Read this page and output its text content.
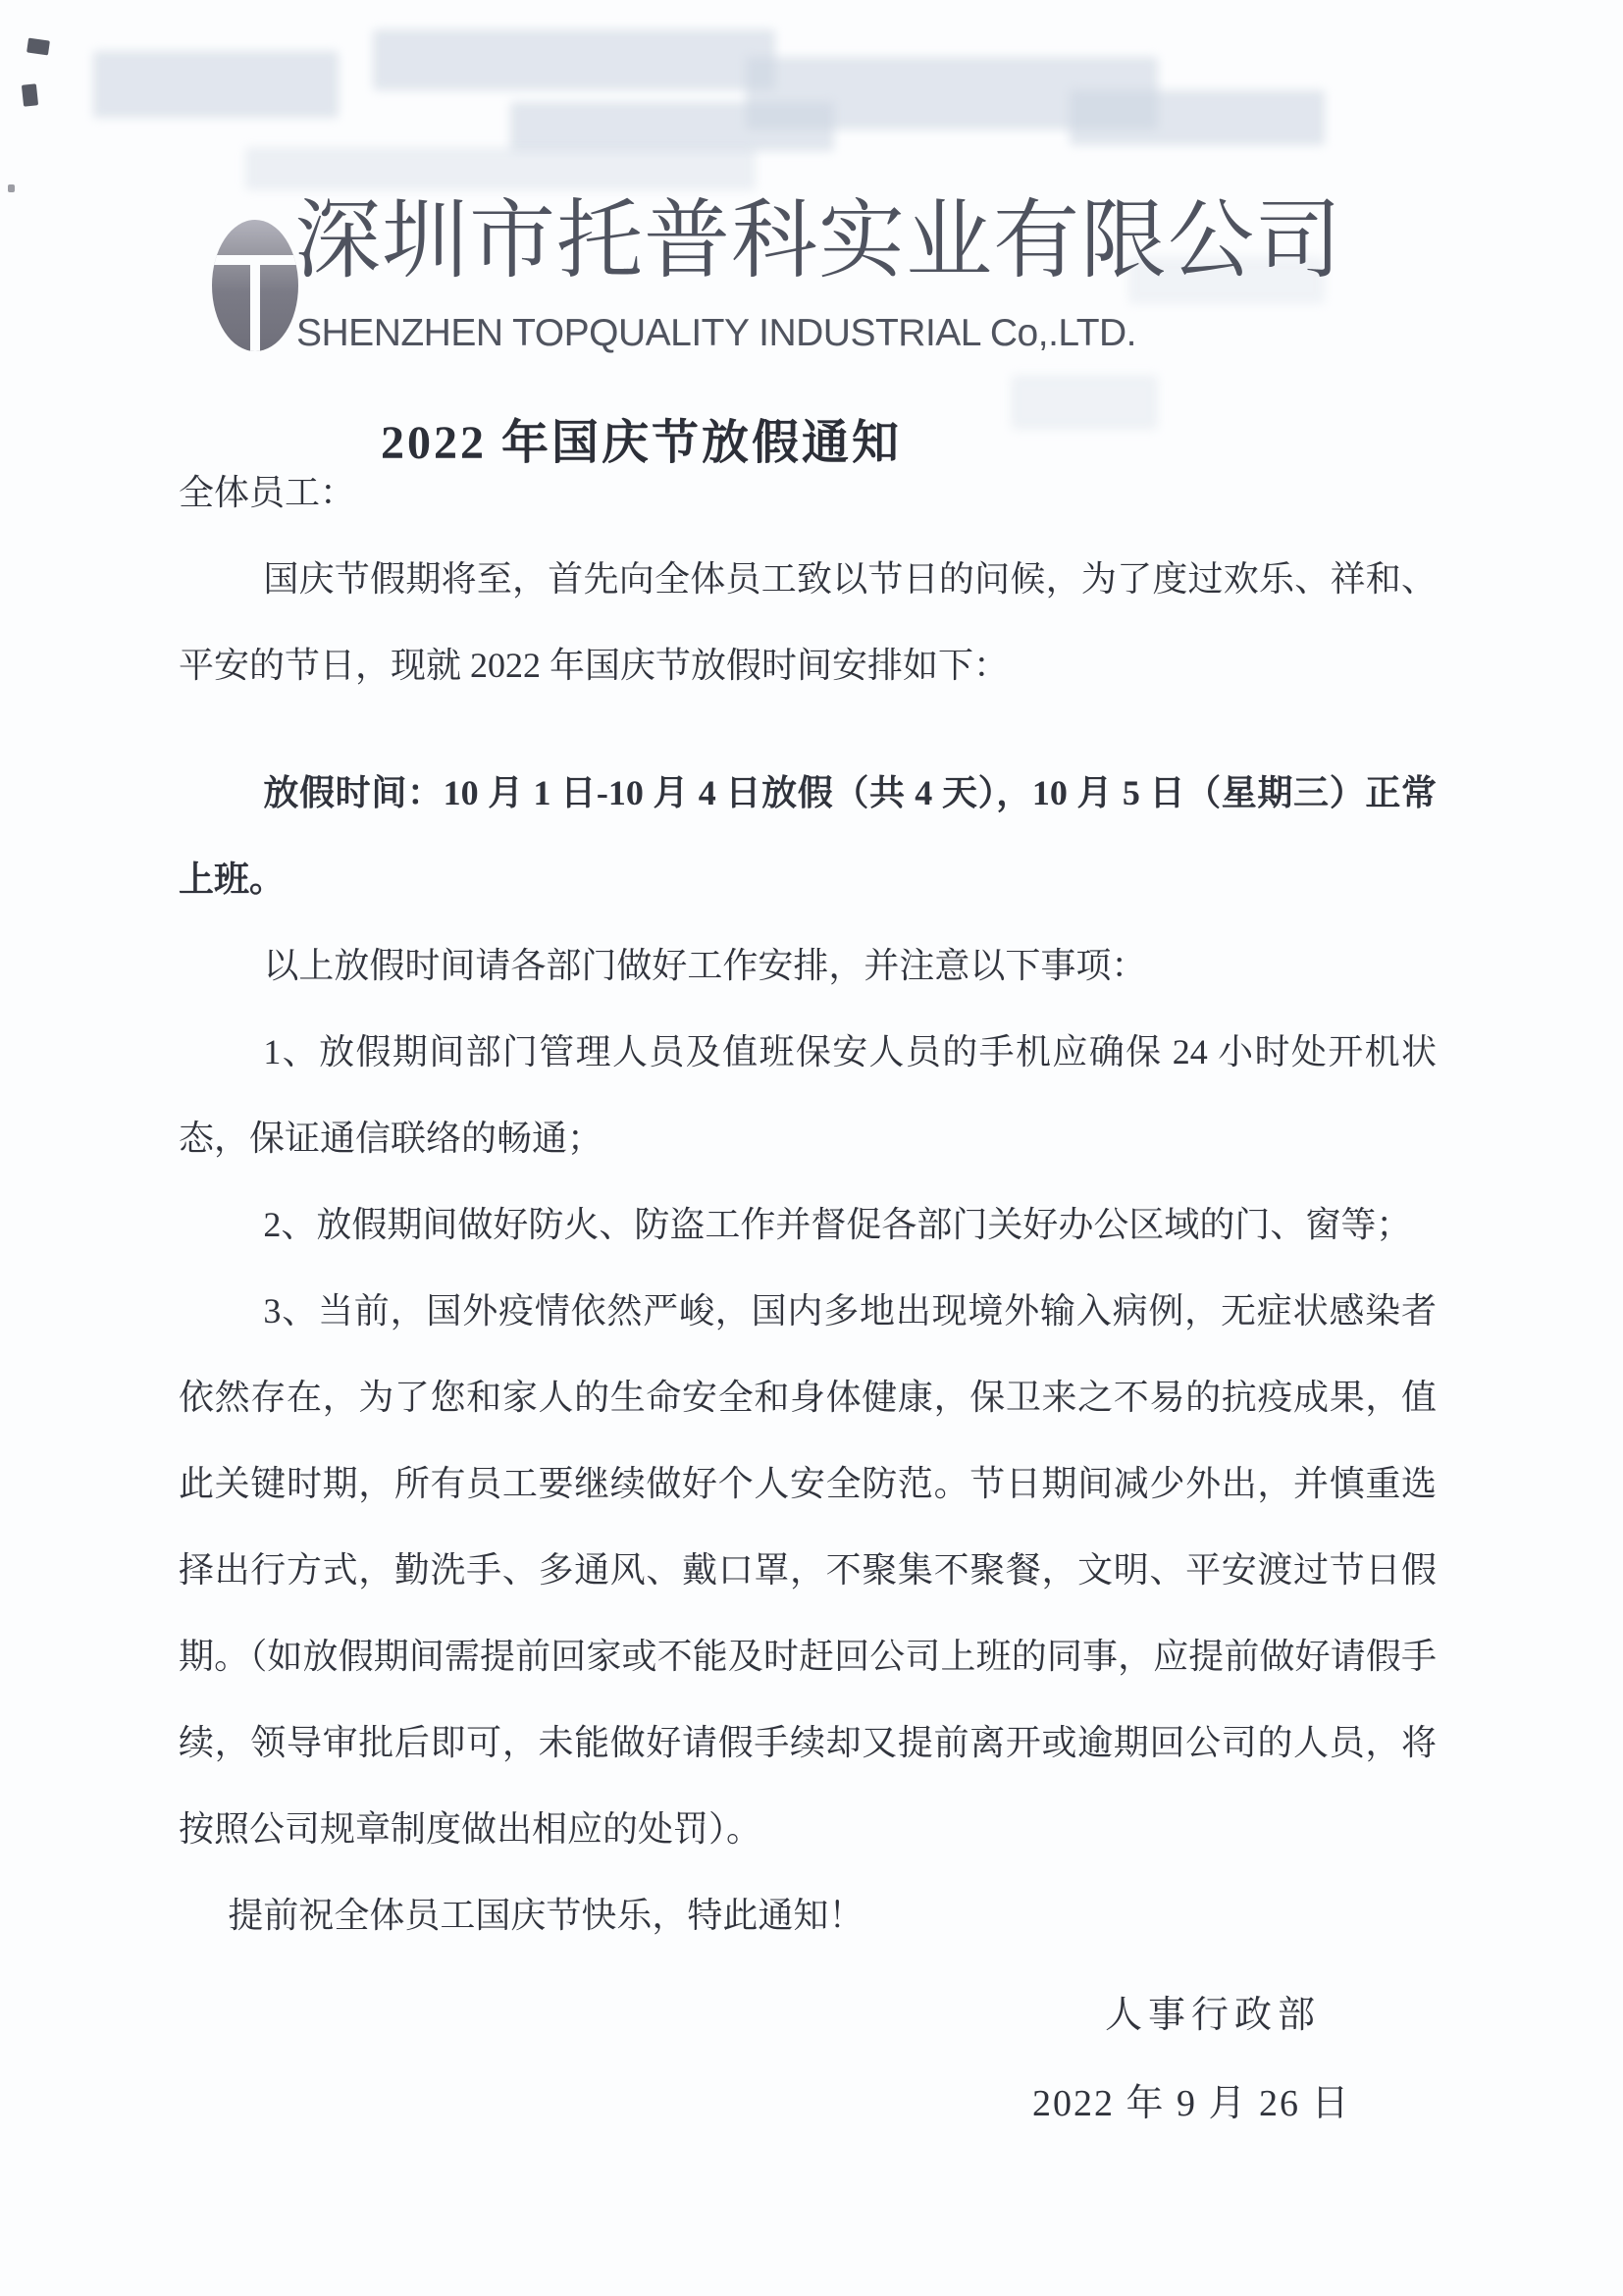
深圳市托普科实业有限公司
SHENZHEN TOPQUALITY INDUSTRIAL Co,.LTD.
2022 年国庆节放假通知

全体员工：

国庆节假期将至，首先向全体员工致以节日的问候，为了度过欢乐、祥和、平安的节日，现就 2022 年国庆节放假时间安排如下：

放假时间：10 月 1 日-10 月 4 日放假（共 4 天），10 月 5 日（星期三）正常上班。

以上放假时间请各部门做好工作安排，并注意以下事项：

1、放假期间部门管理人员及值班保安人员的手机应确保 24 小时处开机状态，保证通信联络的畅通；

2、放假期间做好防火、防盗工作并督促各部门关好办公区域的门、窗等；

3、当前，国外疫情依然严峻，国内多地出现境外输入病例，无症状感染者依然存在，为了您和家人的生命安全和身体健康，保卫来之不易的抗疫成果，值此关键时期，所有员工要继续做好个人安全防范。节日期间减少外出，并慎重选择出行方式，勤洗手、多通风、戴口罩，不聚集不聚餐，文明、平安渡过节日假期。（如放假期间需提前回家或不能及时赶回公司上班的同事，应提前做好请假手续，领导审批后即可，未能做好请假手续却又提前离开或逾期回公司的人员，将按照公司规章制度做出相应的处罚）。

提前祝全体员工国庆节快乐，特此通知！

人事行政部
2022 年 9 月 26 日
